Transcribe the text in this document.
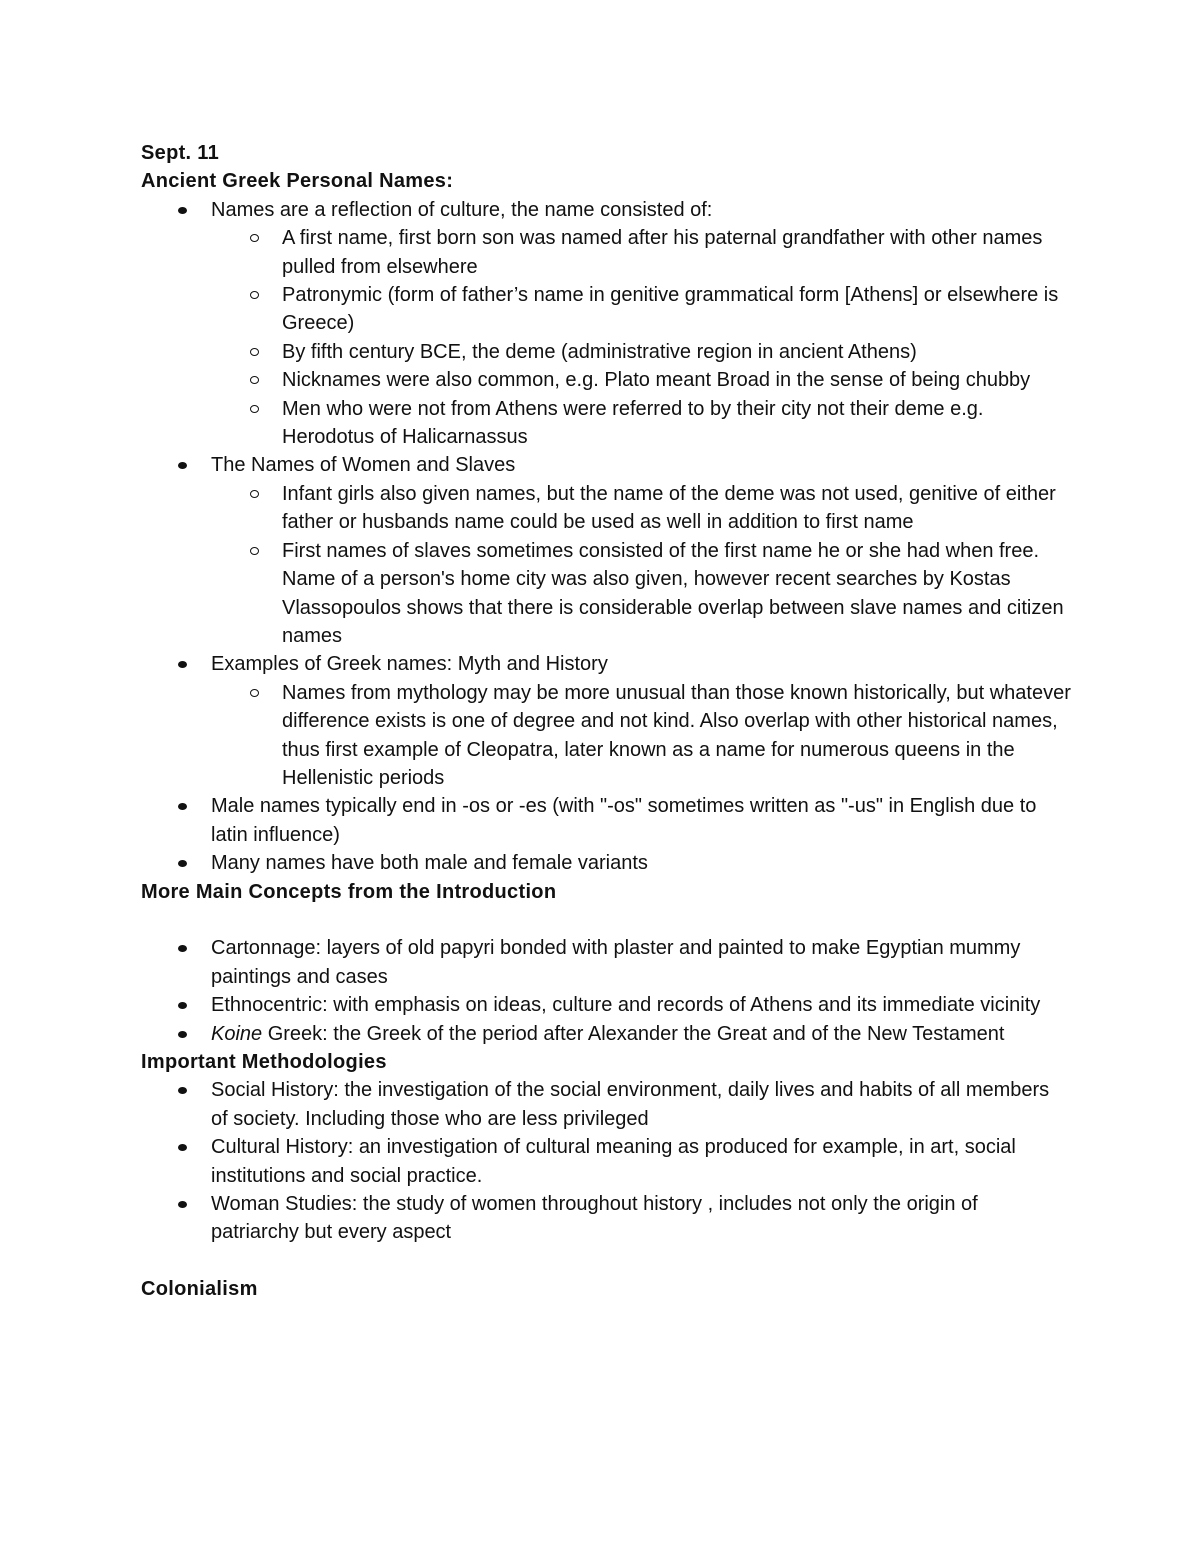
Sept. 11
Ancient Greek Personal Names:
Names are a reflection of culture, the name consisted of:
A first name, first born son was named after his paternal grandfather with other names pulled from elsewhere
Patronymic (form of father’s name in genitive grammatical form [Athens] or elsewhere is Greece)
By fifth century BCE, the deme (administrative region in ancient Athens)
Nicknames were also common, e.g. Plato meant Broad in the sense of being chubby
Men who were not from Athens were referred to by their city not their deme e.g. Herodotus of Halicarnassus
The Names of Women and Slaves
Infant girls also given names, but the name of the deme was not used, genitive of either father or husbands name could be used as well in addition to first name
First names of slaves sometimes consisted of the first name he or she had when free. Name of a person's home city was also given, however recent searches by Kostas Vlassopoulos shows that there is considerable overlap between slave names and citizen names
Examples of Greek names: Myth and History
Names from mythology may be more unusual than those known historically, but whatever difference exists is one of degree and not kind. Also overlap with other historical names, thus first example of Cleopatra, later known as a name for numerous queens in the Hellenistic periods
Male names typically end in -os or -es (with "-os" sometimes written as "-us" in English due to latin influence)
Many names have both male and female variants
More Main Concepts from the Introduction
Cartonnage: layers of old papyri bonded with plaster and painted to make Egyptian mummy paintings and cases
Ethnocentric: with emphasis on ideas, culture and records of Athens and its immediate vicinity
Koine Greek: the Greek of the period after Alexander the Great and of the New Testament
Important Methodologies
Social History: the investigation of the social environment, daily lives and habits of all members of society. Including those who are less privileged
Cultural History: an investigation of cultural meaning as produced for example, in art, social institutions and social practice.
Woman Studies: the study of women throughout history , includes not only the origin of patriarchy but every aspect
Colonialism
